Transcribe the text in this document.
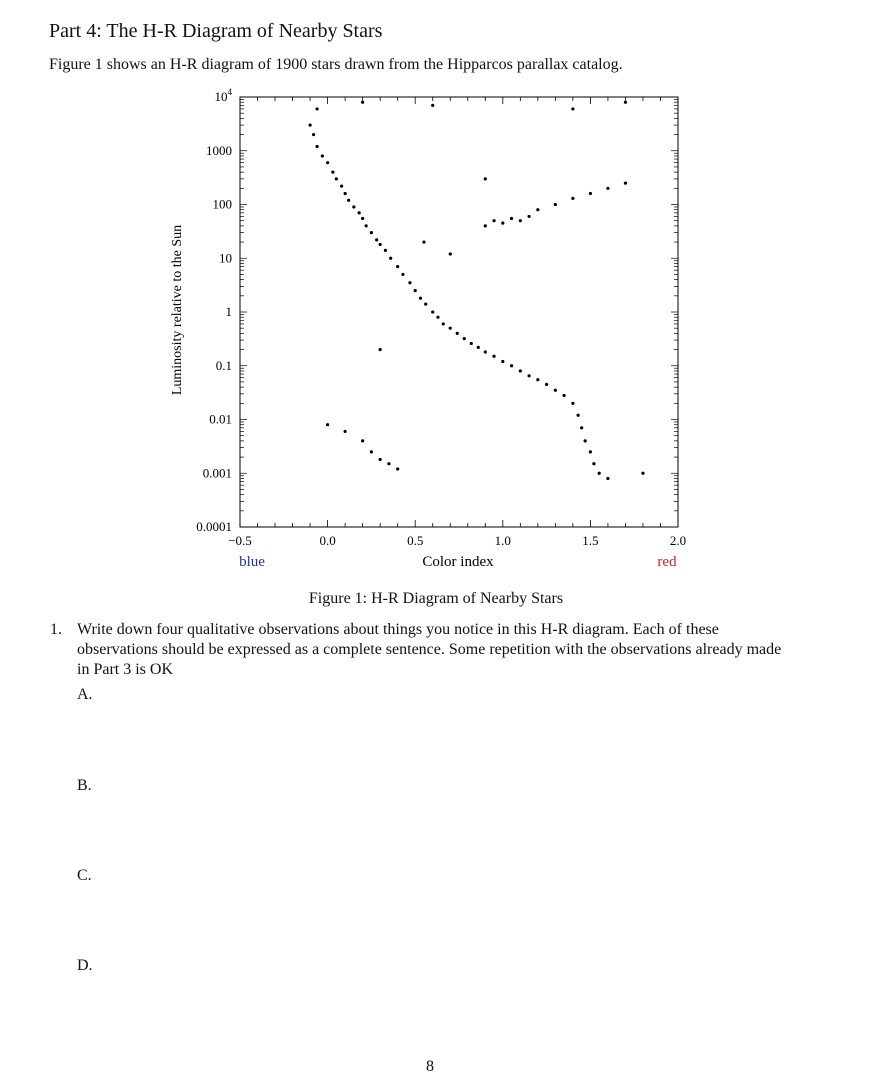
Part 4: The H-R Diagram of Nearby Stars
Figure 1 shows an H-R diagram of 1900 stars drawn from the Hipparcos parallax catalog.
−0.5	0.0	0.5	1.0	1.5	2.0
0.0001
0.001
0.01
0.1
1
10
100
1000
$10^4$
Color index
blue	red
Luminosity relative to the Sun
Figure 1: H-R Diagram of Nearby Stars
1. Write down four qualitative observations about things you notice in this H-R diagram. Each of these observations should be expressed as a complete sentence. Some repetition with the observations already made in Part 3 is OK
A.
B.
C.
D.
8
